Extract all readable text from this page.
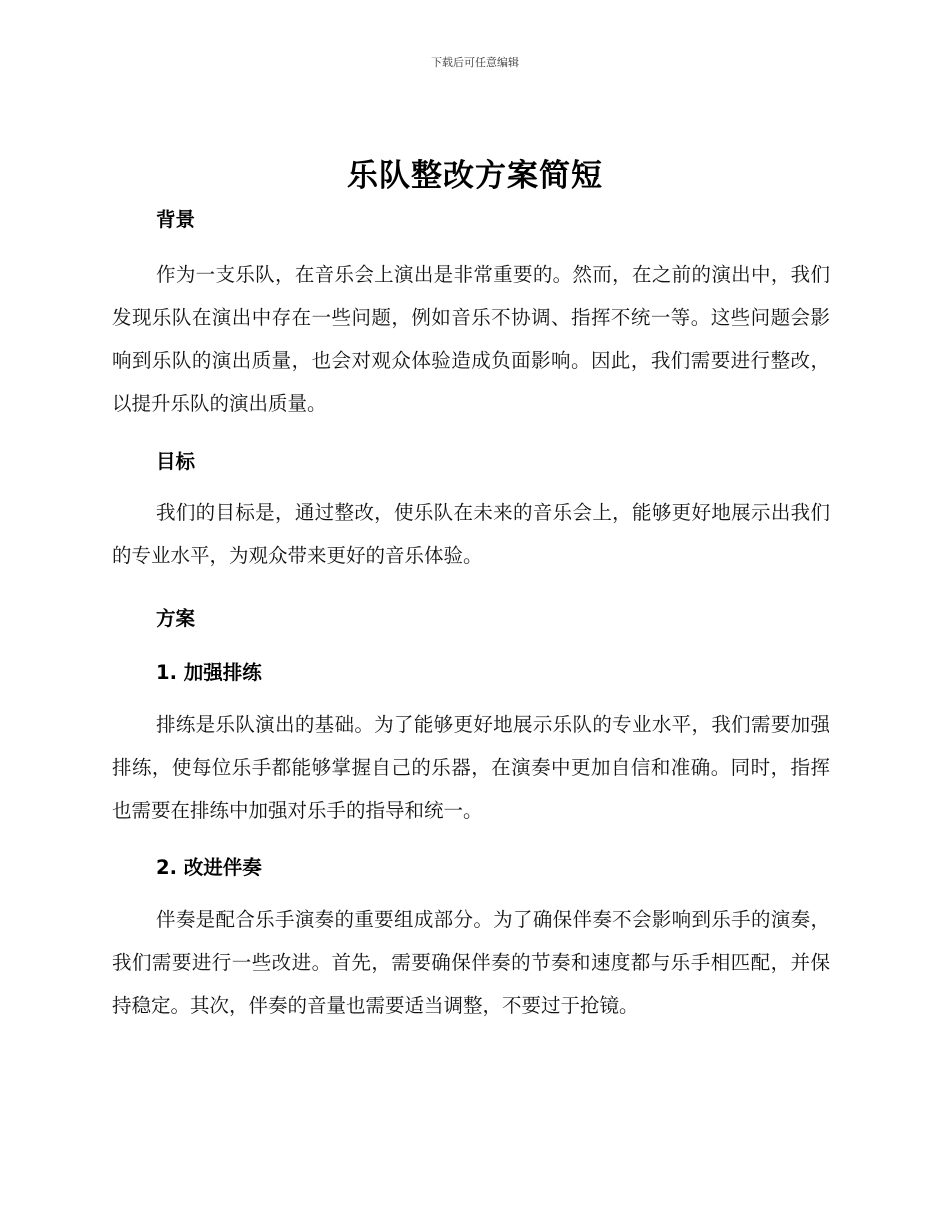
下载后可任意编辑
乐队整改方案简短

背景

作为一支乐队，在音乐会上演出是非常重要的。然而，在之前的演出中，我们发现乐队在演出中存在一些问题，例如音乐不协调、指挥不统一等。这些问题会影响到乐队的演出质量，也会对观众体验造成负面影响。因此，我们需要进行整改，以提升乐队的演出质量。

目标

我们的目标是，通过整改，使乐队在未来的音乐会上，能够更好地展示出我们的专业水平，为观众带来更好的音乐体验。

方案

1. 加强排练

排练是乐队演出的基础。为了能够更好地展示乐队的专业水平，我们需要加强排练，使每位乐手都能够掌握自己的乐器，在演奏中更加自信和准确。同时，指挥也需要在排练中加强对乐手的指导和统一。

2. 改进伴奏

伴奏是配合乐手演奏的重要组成部分。为了确保伴奏不会影响到乐手的演奏，我们需要进行一些改进。首先，需要确保伴奏的节奏和速度都与乐手相匹配，并保持稳定。其次，伴奏的音量也需要适当调整，不要过于抢镜。
